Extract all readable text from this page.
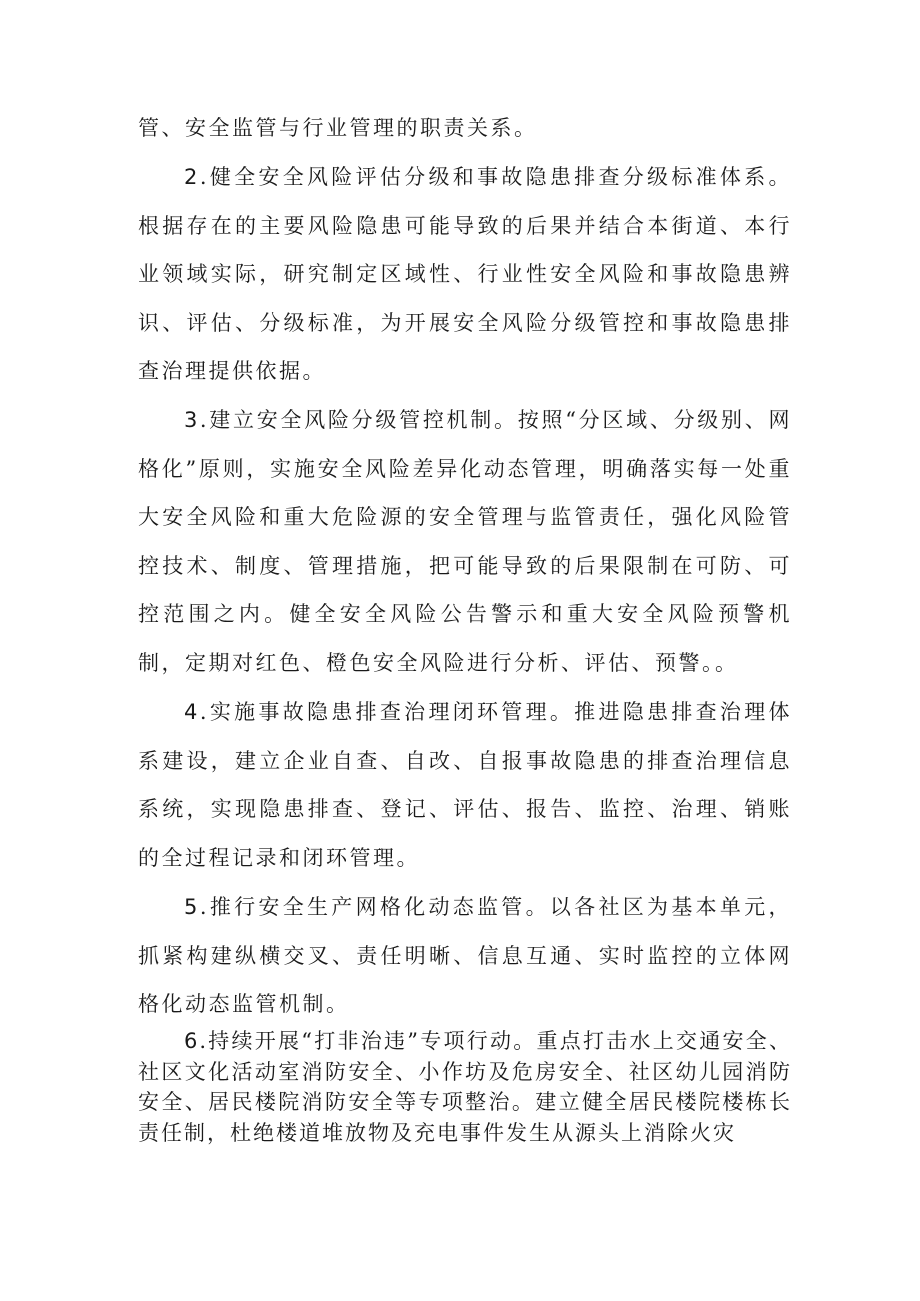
管、安全监管与行业管理的职责关系。

2.健全安全风险评估分级和事故隐患排查分级标准体系。根据存在的主要风险隐患可能导致的后果并结合本街道、本行业领域实际，研究制定区域性、行业性安全风险和事故隐患辨识、评估、分级标准，为开展安全风险分级管控和事故隐患排查治理提供依据。

3.建立安全风险分级管控机制。按照“分区域、分级别、网格化”原则，实施安全风险差异化动态管理，明确落实每一处重大安全风险和重大危险源的安全管理与监管责任，强化风险管控技术、制度、管理措施，把可能导致的后果限制在可防、可控范围之内。健全安全风险公告警示和重大安全风险预警机制，定期对红色、橙色安全风险进行分析、评估、预警。。

4.实施事故隐患排查治理闭环管理。推进隐患排查治理体系建设，建立企业自查、自改、自报事故隐患的排查治理信息系统，实现隐患排查、登记、评估、报告、监控、治理、销账的全过程记录和闭环管理。

5.推行安全生产网格化动态监管。以各社区为基本单元，抓紧构建纵横交叉、责任明晰、信息互通、实时监控的立体网格化动态监管机制。

6.持续开展“打非治违”专项行动。重点打击水上交通安全、社区文化活动室消防安全、小作坊及危房安全、社区幼儿园消防安全、居民楼院消防安全等专项整治。建立健全居民楼院楼栋长责任制，杜绝楼道堆放物及充电事件发生从源头上消除火灾
